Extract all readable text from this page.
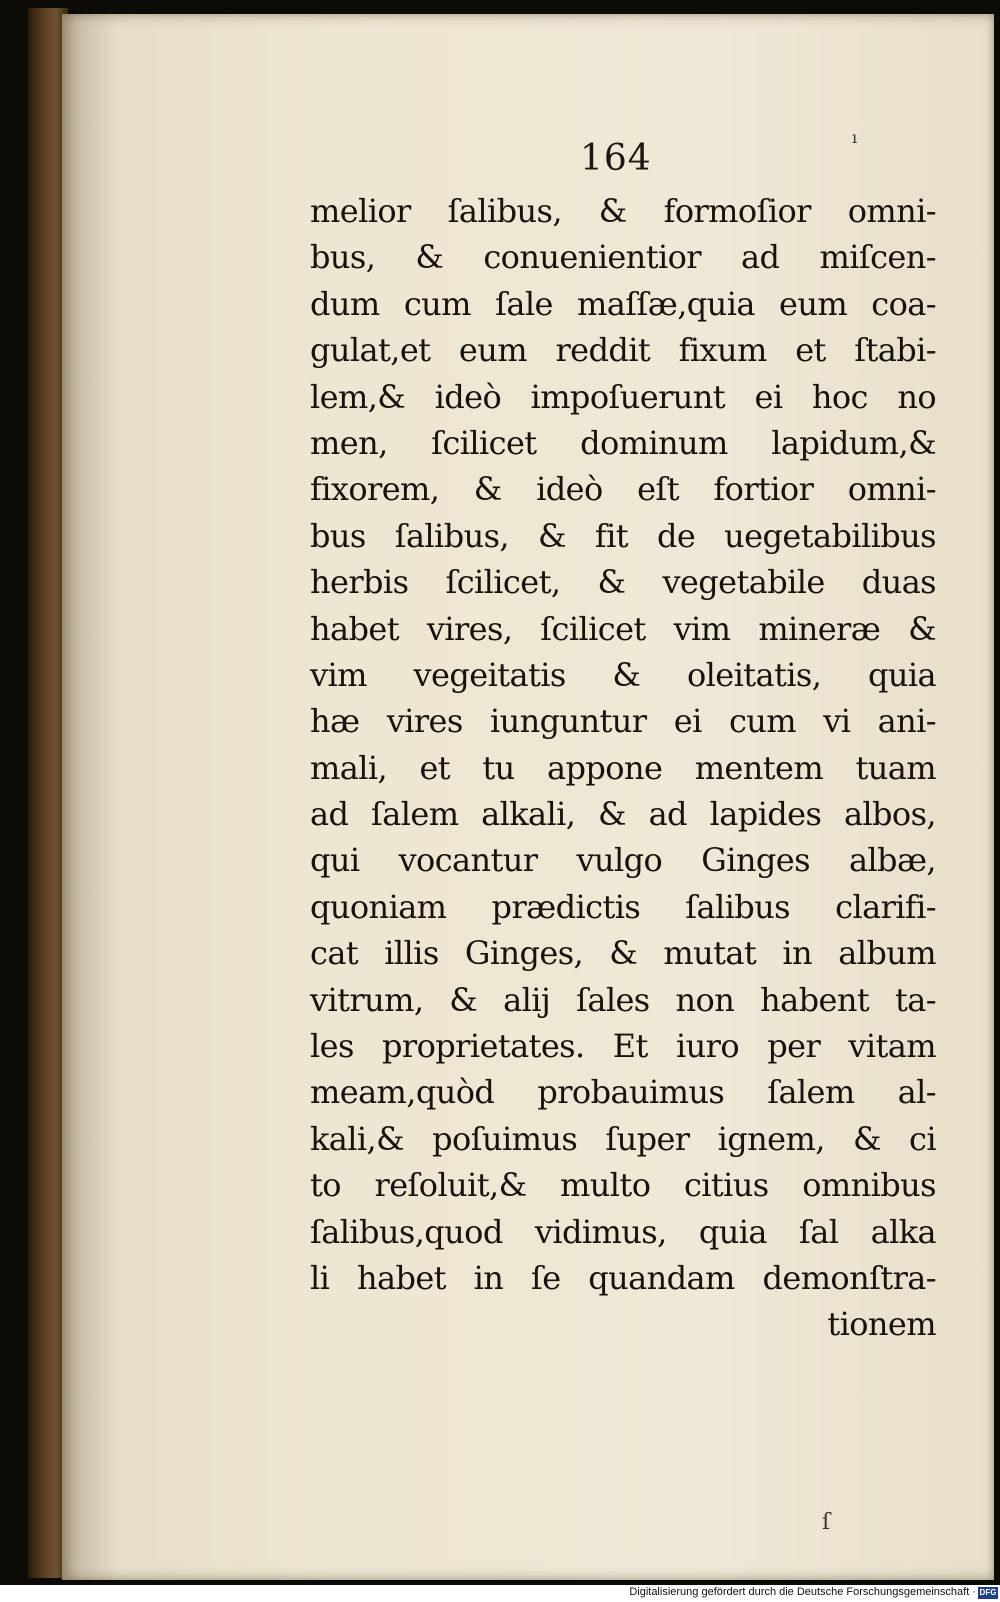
ı
164
melior ſalibus, & formoſior omni-
bus, & conuenientior ad miſcen-
dum cum ſale maſſæ,quia eum coa-
gulat,et eum reddit fixum et ſtabi-
lem,& ideò impoſuerunt ei hoc no
men, ſcilicet dominum lapidum,&
fixorem, & ideò eſt fortior omni-
bus ſalibus, & fit de uegetabilibus
herbis ſcilicet, & vegetabile duas
habet vires, ſcilicet vim mineræ &
vim vegeitatis & oleitatis, quia
hæ vires iunguntur ei cum vi ani-
mali, et tu appone mentem tuam
ad ſalem alkali, & ad lapides albos,
qui vocantur vulgo Ginges albæ,
quoniam prædictis ſalibus clarifi-
cat illis Ginges, & mutat in album
vitrum, & alij ſales non habent ta-
les proprietates. Et iuro per vitam
meam,quòd probauimus ſalem al-
kali,& poſuimus ſuper ignem, & ci
to reſoluit,& multo citius omnibus
ſalibus,quod vidimus, quia ſal alka
li habet in ſe quandam demonſtra-
tionem
ſ
Digitalisierung gefördert durch die Deutsche Forschungsgemeinschaft · DFG
